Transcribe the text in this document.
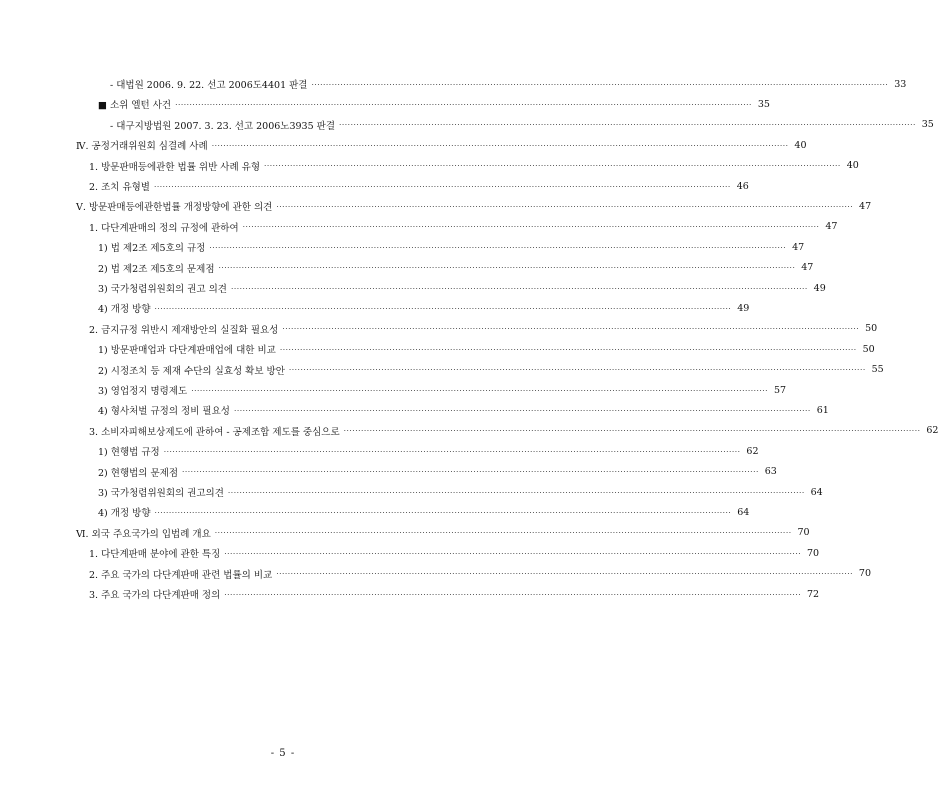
- 대법원 2006. 9. 22. 선고 2006도4401 판결 ········································································································································································································ 33
■ 소위 엘턴 사건 ········································································································································································································ 35
- 대구지방법원 2007. 3. 23. 선고 2006노3935 판결 ········································································································································································································ 35
Ⅳ. 공정거래위원회 심결례 사례 ········································································································································································································ 40
1. 방문판매등에관한 법률 위반 사례 유형 ········································································································································································································ 40
2. 조치 유형별 ········································································································································································································ 46
Ⅴ. 방문판매등에관한법률 개정방향에 관한 의견 ········································································································································································································ 47
1. 다단계판매의 정의 규정에 관하여 ········································································································································································································ 47
1) 법 제2조 제5호의 규정 ········································································································································································································ 47
2) 법 제2조 제5호의 문제점 ········································································································································································································ 47
3) 국가청렴위원회의 권고 의견 ········································································································································································································ 49
4) 개정 방향 ········································································································································································································ 49
2. 금지규정 위반시 제재방안의 실질화 필요성 ········································································································································································································ 50
1) 방문판매업과 다단계판매업에 대한 비교 ········································································································································································································ 50
2) 시정조치 등 제재 수단의 실효성 확보 방안 ········································································································································································································ 55
3) 영업정지 명령제도 ········································································································································································································ 57
4) 형사처벌 규정의 정비 필요성 ········································································································································································································ 61
3. 소비자피해보상제도에 관하여 - 공제조합 제도를 중심으로 ········································································································································································································ 62
1) 현행법 규정 ········································································································································································································ 62
2) 현행법의 문제점 ········································································································································································································ 63
3) 국가청렴위원회의 권고의견 ········································································································································································································ 64
4) 개정 방향 ········································································································································································································ 64
Ⅵ. 외국 주요국가의 입법례 개요 ········································································································································································································ 70
1. 다단계판매 분야에 관한 특징 ········································································································································································································ 70
2. 주요 국가의 다단계판매 관련 법률의 비교 ········································································································································································································ 70
3. 주요 국가의 다단계판매 정의 ········································································································································································································ 72
- 5 -
